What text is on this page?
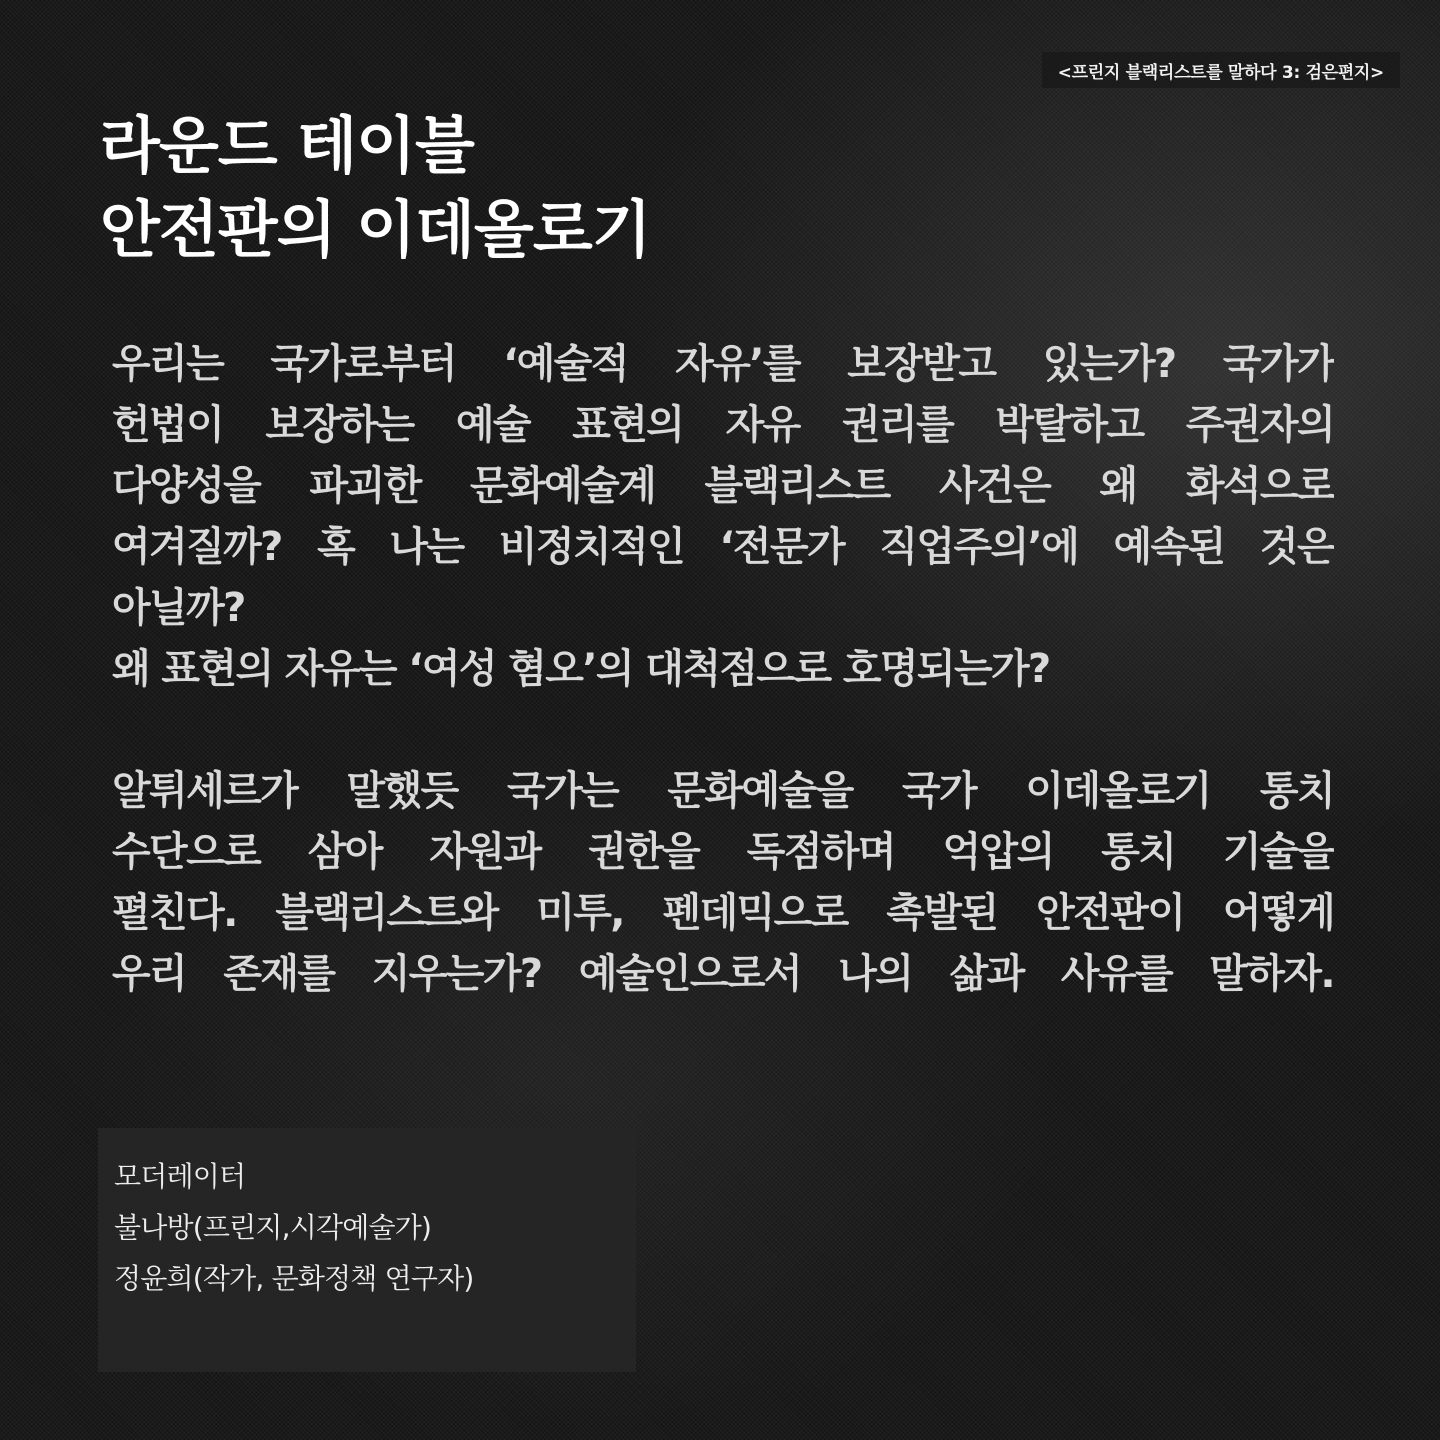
<프린지 블랙리스트를 말하다 3: 검은편지>
라운드 테이블
안전판의 이데올로기
우리는 국가로부터 ‘예술적 자유’를 보장받고 있는가? 국가가
헌법이 보장하는 예술 표현의 자유 권리를 박탈하고 주권자의
다양성을 파괴한 문화예술계 블랙리스트 사건은 왜 화석으로
여겨질까? 혹 나는 비정치적인 ‘전문가 직업주의’에 예속된 것은
아닐까?
왜 표현의 자유는 ‘여성 혐오’의 대척점으로 호명되는가?
알튀세르가 말했듯 국가는 문화예술을 국가 이데올로기 통치
수단으로 삼아 자원과 권한을 독점하며 억압의 통치 기술을
펼친다. 블랙리스트와 미투, 펜데믹으로 촉발된 안전판이 어떻게
우리 존재를 지우는가? 예술인으로서 나의 삶과 사유를 말하자.
모더레이터
불나방(프린지,시각예술가)
정윤희(작가, 문화정책 연구자)
